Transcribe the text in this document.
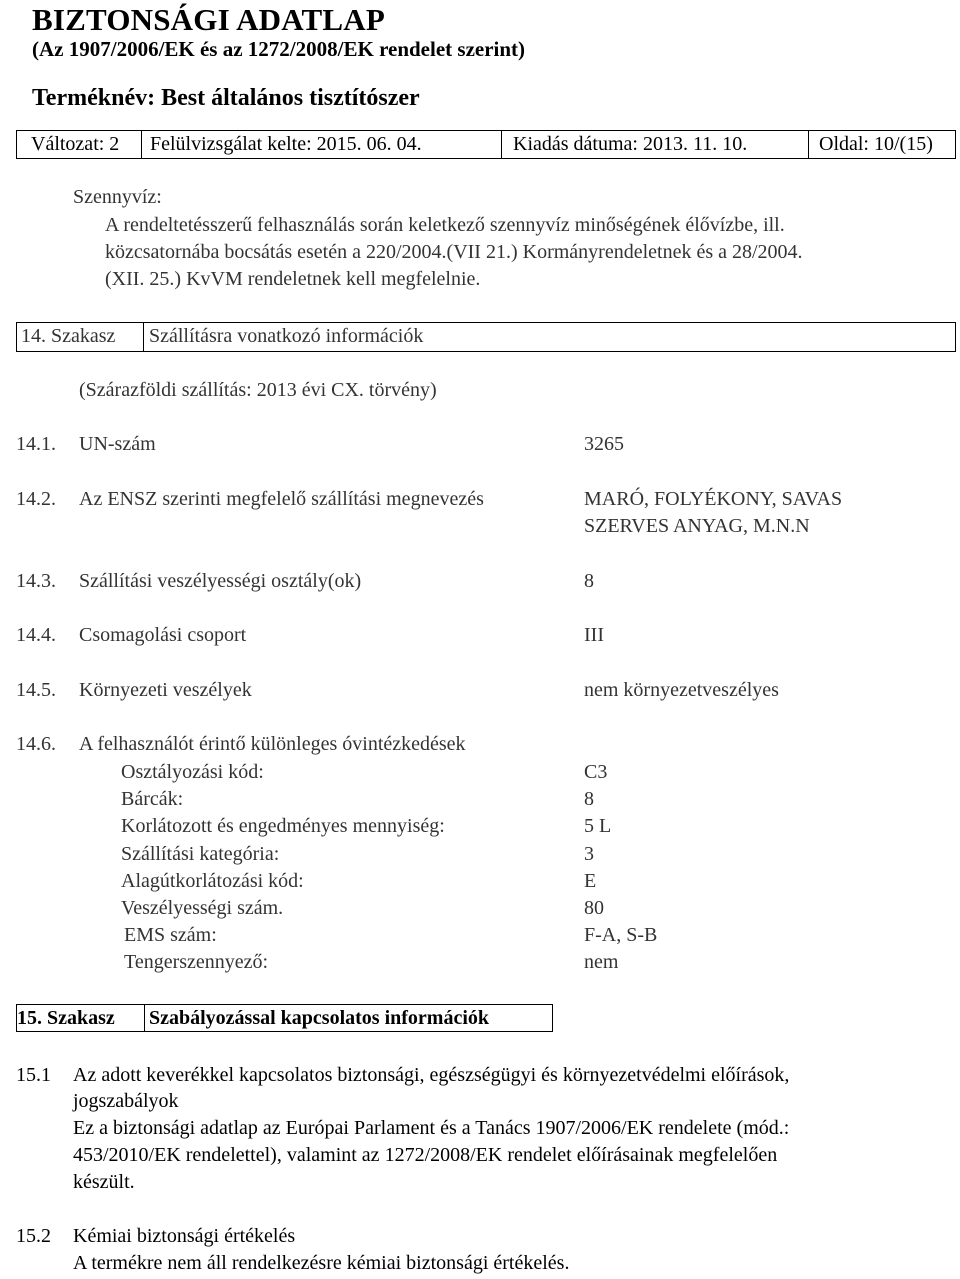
BIZTONSÁGI ADATLAP
(Az 1907/2006/EK és az 1272/2008/EK rendelet szerint)
Terméknév: Best általános tisztítószer
Változat: 2 Felülvizsgálat kelte: 2015. 06. 04.	Kiadás dátuma: 2013. 11. 10.	Oldal: 10/(15)
Szennyvíz:
A rendeltetésszerű felhasználás során keletkező szennyvíz minőségének élővízbe, ill.
közcsatornába bocsátás esetén a 220/2004.(VII 21.) Kormányrendeletnek és a 28/2004.
(XII. 25.) KvVM rendeletnek kell megfelelnie.
14. Szakasz Szállításra vonatkozó információk
(Szárazföldi szállítás: 2013 évi CX. törvény)
14.1. UN-szám	3265
14.2. Az ENSZ szerinti megfelelő szállítási megnevezés	MARÓ, FOLYÉKONY, SAVAS
SZERVES ANYAG, M.N.N
14.3. Szállítási veszélyességi osztály(ok)	8
14.4. Csomagolási csoport	III
14.5. Környezeti veszélyek	nem környezetveszélyes
14.6. A felhasználót érintő különleges óvintézkedések
Osztályozási kód:	C3
Bárcák:	8
Korlátozott és engedményes mennyiség:	5 L
Szállítási kategória:	3
Alagútkorlátozási kód:	E
Veszélyességi szám.	80
EMS szám:	F-A, S-B
Tengerszennyező:	nem
15. Szakasz Szabályozással kapcsolatos információk
15.1 Az adott keverékkel kapcsolatos biztonsági, egészségügyi és környezetvédelmi előírások,
jogszabályok
Ez a biztonsági adatlap az Európai Parlament és a Tanács 1907/2006/EK rendelete (mód.:
453/2010/EK rendelettel), valamint az 1272/2008/EK rendelet előírásainak megfelelően
készült.
15.2 Kémiai biztonsági értékelés
A termékre nem áll rendelkezésre kémiai biztonsági értékelés.
